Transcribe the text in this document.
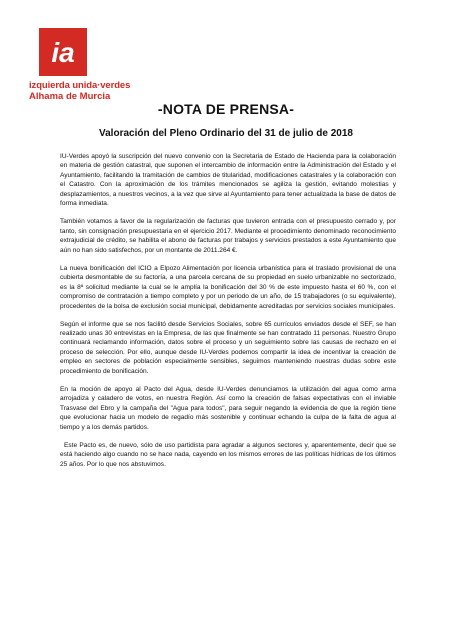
ia
izquierda unida·verdes
Alhama de Murcia
-NOTA DE PRENSA-
Valoración del Pleno Ordinario del 31 de julio de 2018

IU-Verdes apoyó la suscripción del nuevo convenio con la Secretaria de Estado de Hacienda para la colaboración en materia de gestión catastral, que suponen el intercambio de información entre la Administración del Estado y el Ayuntamiento, facilitando la tramitación de cambios de titularidad, modificaciones catastrales y la colaboración con el Catastro. Con la aproximación de los trámites mencionados se agiliza la gestión, evitando molestias y desplazamientos, a nuestros vecinos, a la vez que sirve al Ayuntamiento para tener actualizada la base de datos de forma inmediata.

También votamos a favor de la regularización de facturas que tuvieron entrada con el presupuesto cerrado y, por tanto, sin consignación presupuestaria en el ejercicio 2017. Mediante el procedimiento denominado reconocimiento extrajudicial de crédito, se habilita el abono de facturas por trabajos y servicios prestados a este Ayuntamiento que aún no han sido satisfechos, por un montante de 2011.264 €.

La nueva bonificación del ICIO a Elpozo Alimentación por licencia urbanística para el traslado provisional de una cubierta desmontable de su factoría, a una parcela cercana de su propiedad en suelo urbanizable no sectorizado, es la 8ª solicitud mediante la cual se le amplía la bonificación del 30 % de este impuesto hasta el 60 %, con el compromiso de contratación a tiempo completo y por un periodo de un año, de 15 trabajadores (o su equivalente), procedentes de la bolsa de exclusión social municipal, debidamente acreditadas por servicios sociales municipales.

Según el informe que se nos facilitó desde Servicios Sociales, sobre 65 currículos enviados desde el SEF, se han realizado unas 30 entrevistas en la Empresa, de las que finalmente se han contratado 11 personas. Nuestro Grupo continuará reclamando información, datos sobre el proceso y un seguimiento sobre las causas de rechazo en el proceso de selección. Por ello, aunque desde IU-Verdes podemos compartir la idea de incentivar la creación de empleo en sectores de población especialmente sensibles, seguimos manteniendo nuestras dudas sobre este procedimiento de bonificación.

En la moción de apoyo al Pacto del Agua, desde IU-Verdes denunciamos la utilización del agua como arma arrojadiza y caladero de votos, en nuestra Región. Así como la creación de falsas expectativas con el inviable Trasvase del Ebro y la campaña del "Agua para todos", para seguir negando la evidencia de que la región tiene que evolucionar hacia un modelo de regadío más sostenible y continuar echando la culpa de la falta de agua al tiempo y a los demás partidos.

Este Pacto es, de nuevo, sólo de uso partidista para agradar a algunos sectores y, aparentemente, decir que se está haciendo algo cuando no se hace nada, cayendo en los mismos errores de las políticas hídricas de los últimos 25 años. Por lo que nos abstuvimos.
